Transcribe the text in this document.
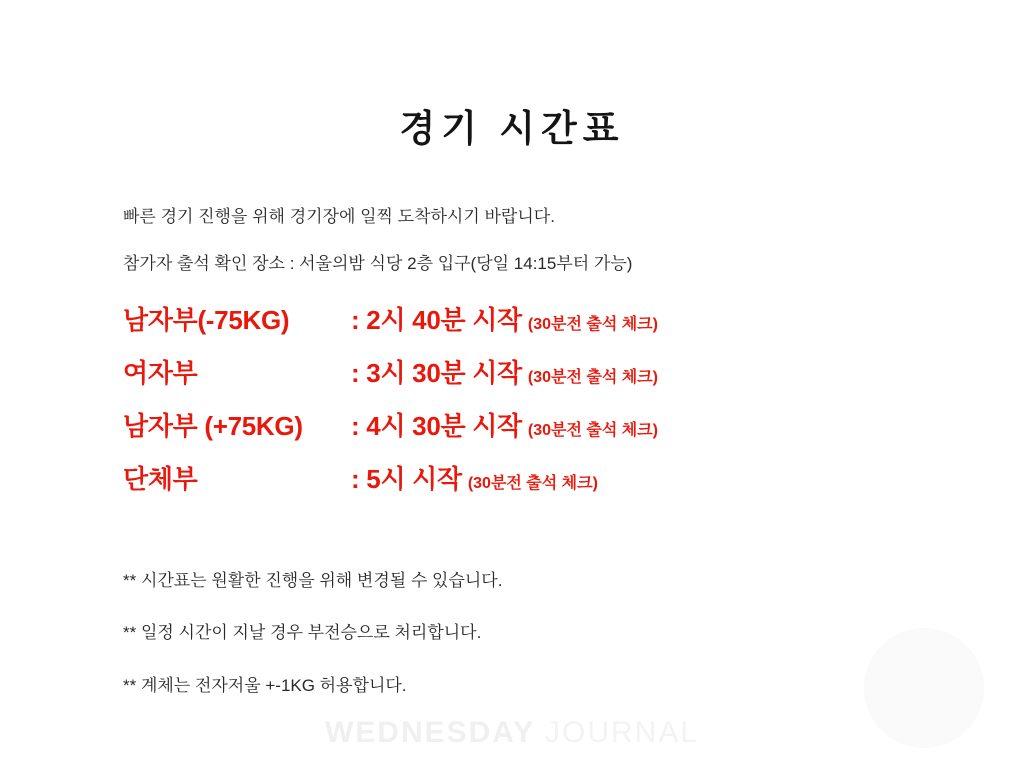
WEDNESDAY JOURNAL
경기 시간표

빠른 경기 진행을 위해 경기장에 일찍 도착하시기 바랍니다.

참가자 출석 확인 장소 : 서울의밤 식당 2층 입구(당일 14:15부터 가능)

남자부(-75KG)	: 2시 40분 시작 (30분전 출석 체크)
여자부	: 3시 30분 시작 (30분전 출석 체크)
남자부 (+75KG)	: 4시 30분 시작 (30분전 출석 체크)
단체부	: 5시 시작 (30분전 출석 체크)

** 시간표는 원활한 진행을 위해 변경될 수 있습니다.

** 일정 시간이 지날 경우 부전승으로 처리합니다.

** 계체는 전자저울 +-1KG 허용합니다.
